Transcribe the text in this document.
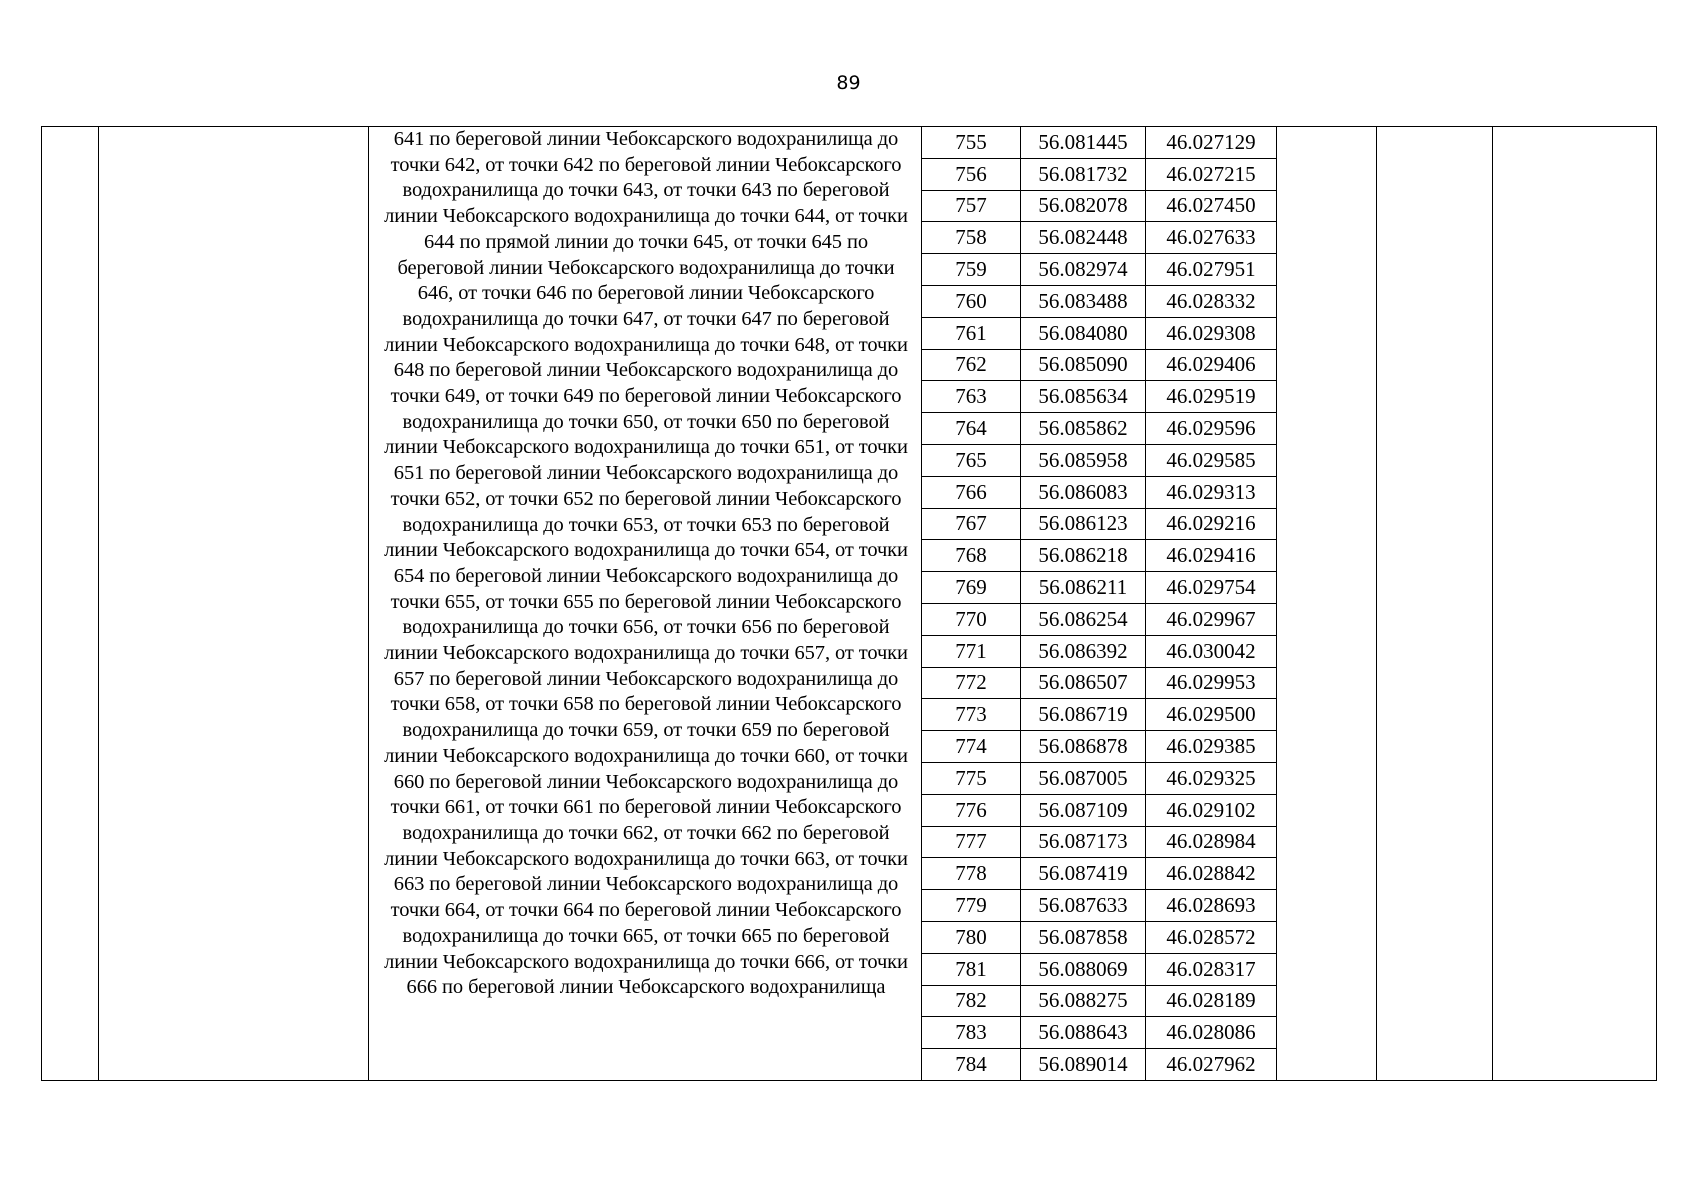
89
		641 по береговой линии Чебоксарского водохранилища до точки 642, от точки 642 по береговой линии Чебоксарского водохранилища до точки 643, от точки 643 по береговой линии Чебоксарского водохранилища до точки 644, от точки 644 по прямой линии до точки 645, от точки 645 по береговой линии Чебоксарского водохранилища до точки 646, от точки 646 по береговой линии Чебоксарского водохранилища до точки 647, от точки 647 по береговой линии Чебоксарского водохранилища до точки 648, от точки 648 по береговой линии Чебоксарского водохранилища до точки 649, от точки 649 по береговой линии Чебоксарского водохранилища до точки 650, от точки 650 по береговой линии Чебоксарского водохранилища до точки 651, от точки 651 по береговой линии Чебоксарского водохранилища до точки 652, от точки 652 по береговой линии Чебоксарского водохранилища до точки 653, от точки 653 по береговой линии Чебоксарского водохранилища до точки 654, от точки 654 по береговой линии Чебоксарского водохранилища до точки 655, от точки 655 по береговой линии Чебоксарского водохранилища до точки 656, от точки 656 по береговой линии Чебоксарского водохранилища до точки 657, от точки 657 по береговой линии Чебоксарского водохранилища до точки 658, от точки 658 по береговой линии Чебоксарского водохранилища до точки 659, от точки 659 по береговой линии Чебоксарского водохранилища до точки 660, от точки 660 по береговой линии Чебоксарского водохранилища до точки 661, от точки 661 по береговой линии Чебоксарского водохранилища до точки 662, от точки 662 по береговой линии Чебоксарского водохранилища до точки 663, от точки 663 по береговой линии Чебоксарского водохранилища до точки 664, от точки 664 по береговой линии Чебоксарского водохранилища до точки 665, от точки 665 по береговой линии Чебоксарского водохранилища до точки 666, от точки 666 по береговой линии Чебоксарского водохранилища	755	56.081445	46.027129			
			756	56.081732	46.027215			
			757	56.082078	46.027450			
			758	56.082448	46.027633			
			759	56.082974	46.027951			
			760	56.083488	46.028332			
			761	56.084080	46.029308			
			762	56.085090	46.029406			
			763	56.085634	46.029519			
			764	56.085862	46.029596			
			765	56.085958	46.029585			
			766	56.086083	46.029313			
			767	56.086123	46.029216			
			768	56.086218	46.029416			
			769	56.086211	46.029754			
			770	56.086254	46.029967			
			771	56.086392	46.030042			
			772	56.086507	46.029953			
			773	56.086719	46.029500			
			774	56.086878	46.029385			
			775	56.087005	46.029325			
			776	56.087109	46.029102			
			777	56.087173	46.028984			
			778	56.087419	46.028842			
			779	56.087633	46.028693			
			780	56.087858	46.028572			
			781	56.088069	46.028317			
			782	56.088275	46.028189			
			783	56.088643	46.028086			
			784	56.089014	46.027962			
